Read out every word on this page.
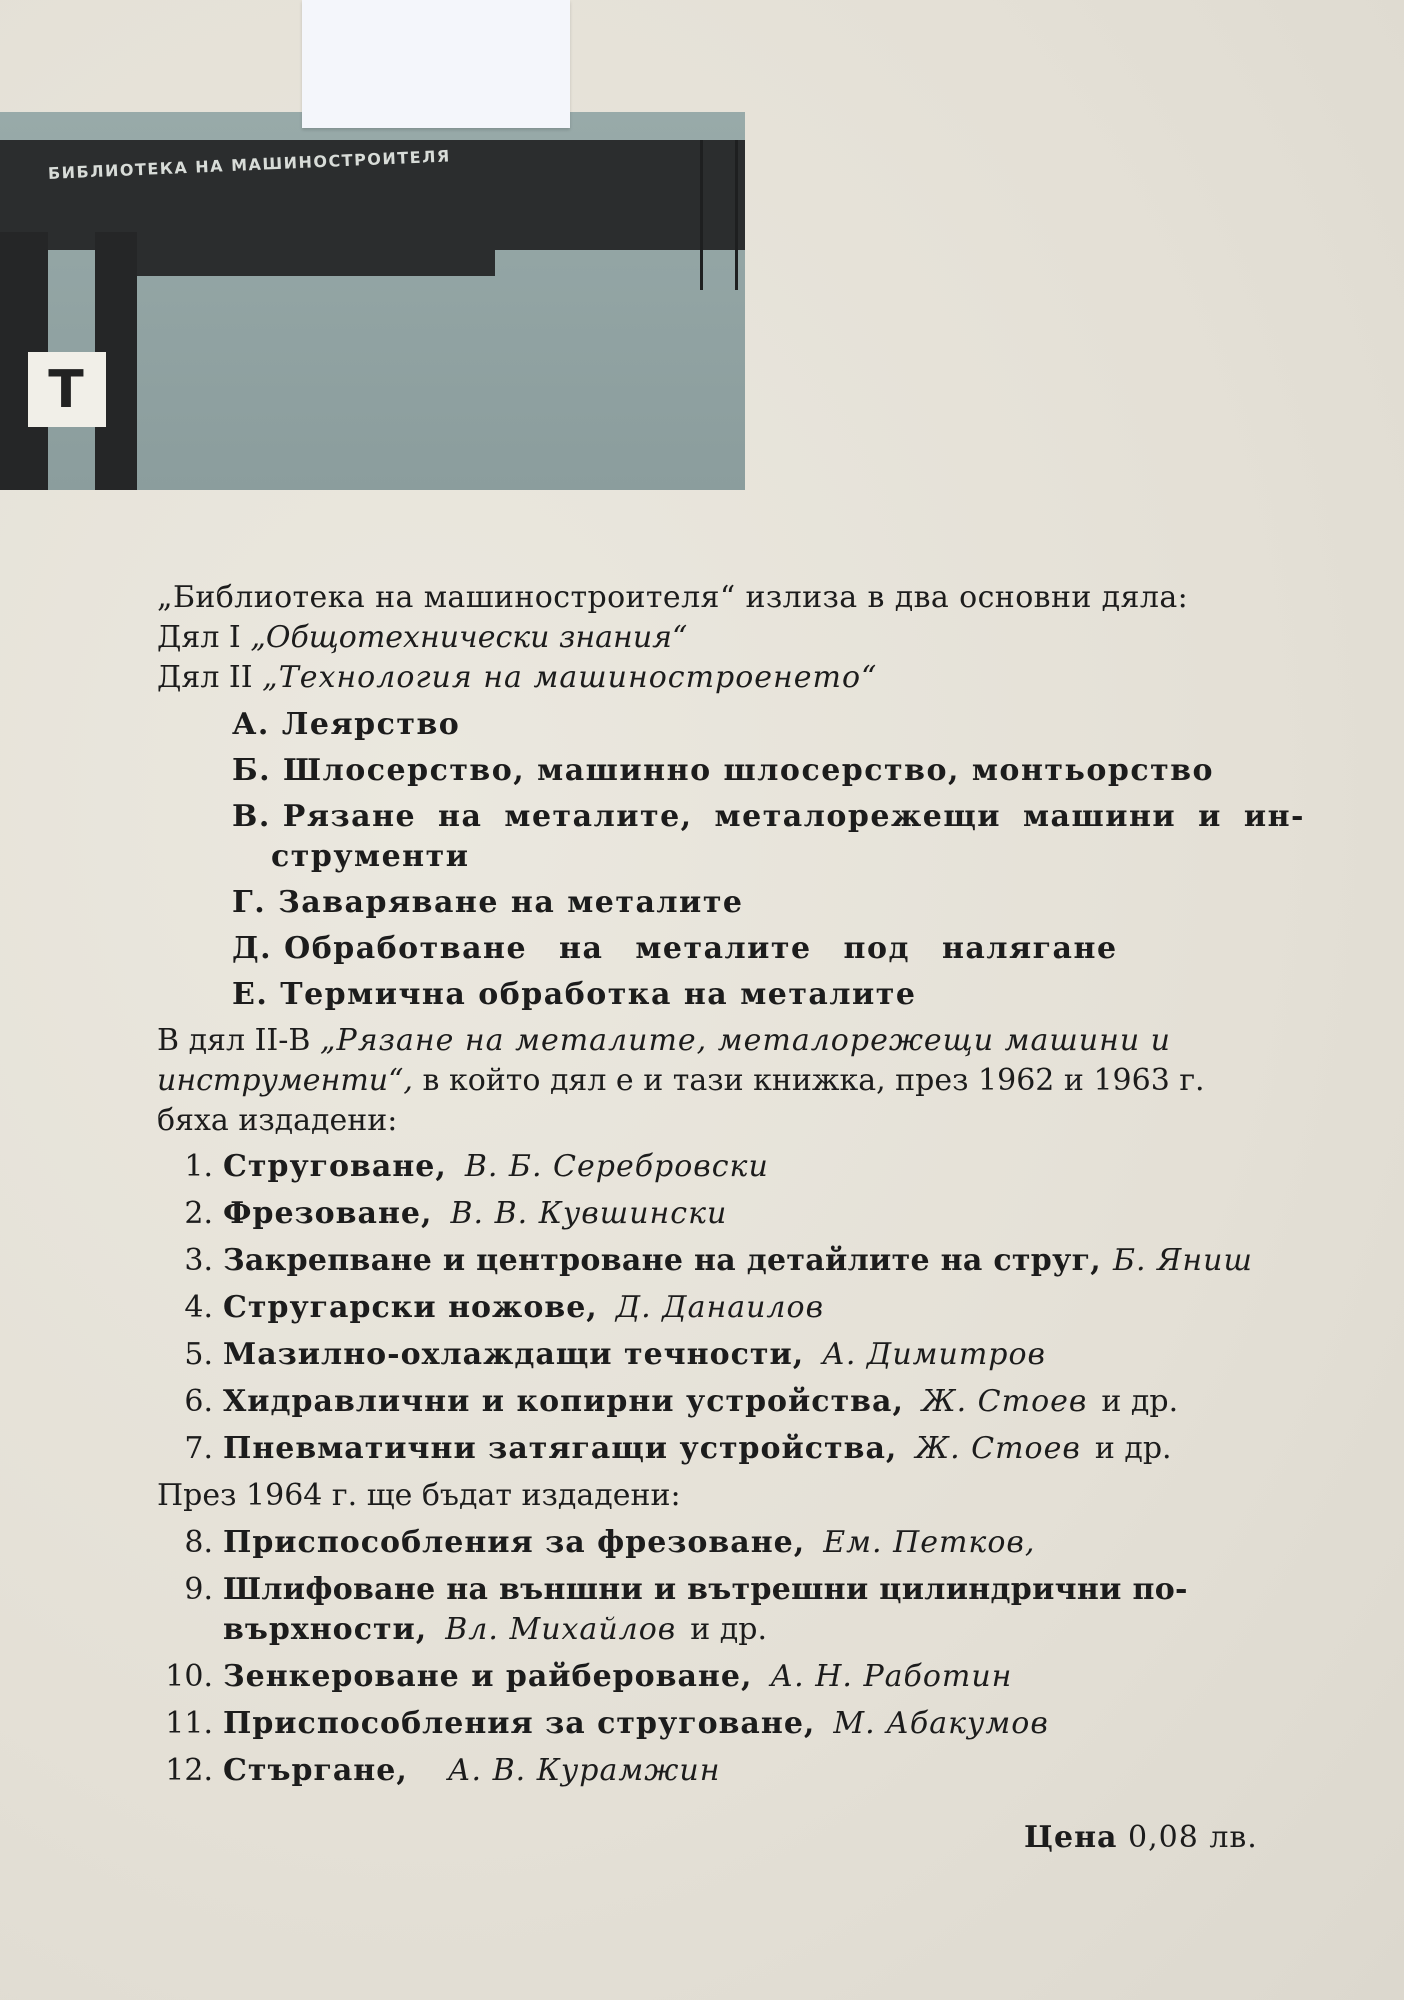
БИБЛИОТЕКА НА МАШИНОСТРОИТЕЛЯ
Т
„Библиотека на машиностроителя“ излиза в два основни дяла:
Дял I „Общотехнически знания“
Дял II „Технология на машиностроенето“
А. Леярство
Б. Шлосерство, машинно шлосерство, монтьорство
В. Рязане на металите, металорежещи машини и ин-
струменти
Г. Заваряване на металите
Д. Обработване на металите под налягане
Е. Термична обработка на металите
В дял II-В „Рязане на металите, металорежещи машини и
инструменти“, в който дял е и тази книжка, през 1962 и 1963 г.
бяха издадени:
1. Струговане, В. Б. Серебровски
2. Фрезоване, В. В. Кувшински
3. Закрепване и центроване на детайлите на струг, Б. Яниш
4. Стругарски ножове, Д. Данаилов
5. Мазилно-охлаждащи течности, А. Димитров
6. Хидравлични и копирни устройства, Ж. Стоев и др.
7. Пневматични затягащи устройства, Ж. Стоев и др.
През 1964 г. ще бъдат издадени:
8. Приспособления за фрезоване, Ем. Петков,
9. Шлифоване на външни и вътрешни цилиндрични по-
върхности, Вл. Михайлов и др.
10. Зенкероване и райбероване, А. Н. Работин
11. Приспособления за струговане, М. Абакумов
12. Стъргане, А. В. Курамжин
Цена 0,08 лв.
